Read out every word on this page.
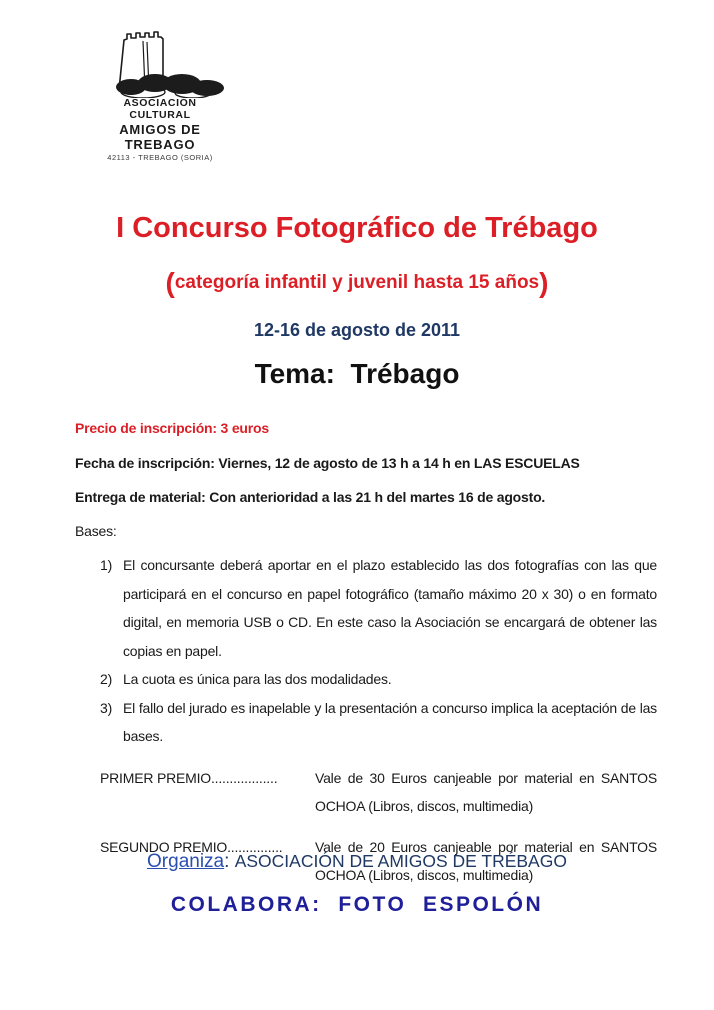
ASOCIACION
CULTURAL
AMIGOS DE TREBAGO
42113 - TREBAGO (SORIA)
I Concurso Fotográfico de Trébago
(categoría infantil y juvenil hasta 15 años)
12-16 de agosto de 2011
Tema:  Trébago

Precio de inscripción: 3 euros

Fecha de inscripción: Viernes, 12 de agosto de 13 h a 14 h en LAS ESCUELAS

Entrega de material: Con anterioridad a las 21 h del martes 16 de agosto.

Bases:

1) El concursante deberá aportar en el plazo establecido las dos fotografías con las que participará en el concurso en papel fotográfico (tamaño máximo 20 x 30) o en formato digital, en memoria USB o CD. En este caso la Asociación se encargará de obtener las copias en papel.
2) La cuota es única para las dos modalidades.
3) El fallo del jurado es inapelable y la presentación a concurso implica la aceptación de las bases.
PRIMER PREMIO..................	Vale de 30 Euros canjeable por material en SANTOS OCHOA (Libros, discos, multimedia)
SEGUNDO PREMIO...............	Vale de 20 Euros canjeable por material en SANTOS OCHOA (Libros, discos, multimedia)
Organiza: ASOCIACIÓN DE AMIGOS DE TRÉBAGO
COLABORA:  FOTO  ESPOLÓN
